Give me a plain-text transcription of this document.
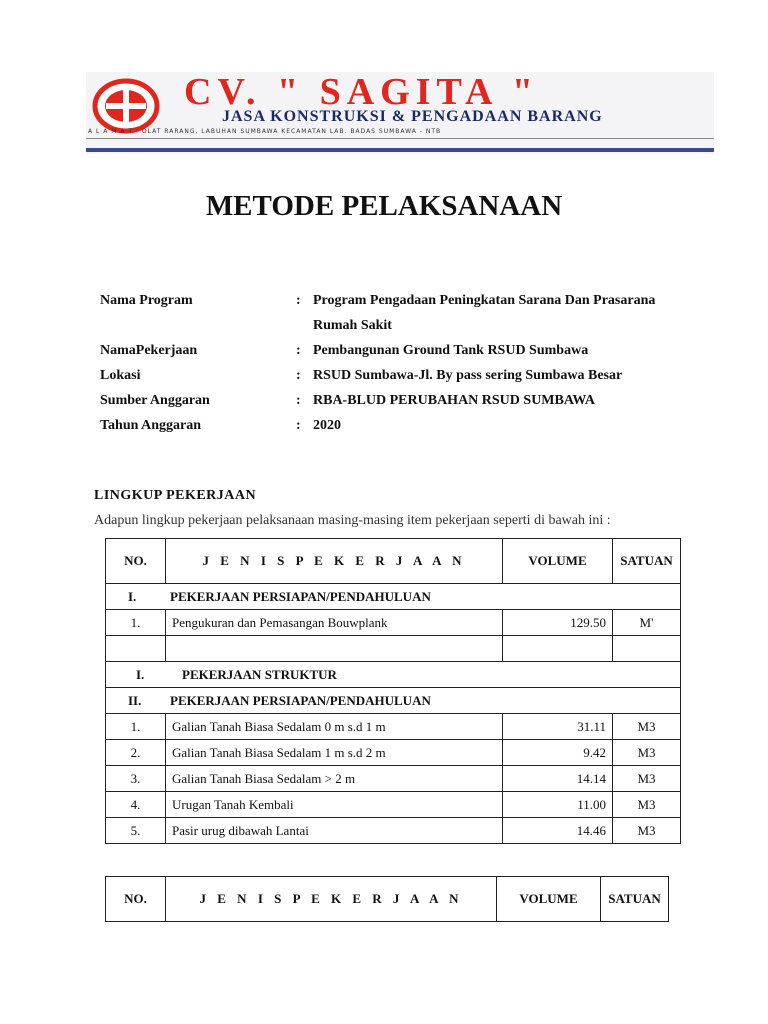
CV. " SAGITA "
JASA KONSTRUKSI & PENGADAAN BARANG
A L A M A T : OLAT RARANG, LABUHAN SUMBAWA KECAMATAN LAB. BADAS SUMBAWA - NTB
METODE PELAKSANAAN
Nama Program	: Program Pengadaan Peningkatan Sarana Dan Prasarana Rumah Sakit
NamaPekerjaan	: Pembangunan Ground Tank RSUD Sumbawa
Lokasi	: RSUD Sumbawa-Jl. By pass sering Sumbawa Besar
Sumber Anggaran	: RBA-BLUD PERUBAHAN RSUD SUMBAWA
Tahun Anggaran	: 2020
LINGKUP PEKERJAAN
Adapun lingkup pekerjaan pelaksanaan masing-masing item pekerjaan seperti di bawah ini :
NO.	J E N I S P E K E R J A A N	VOLUME	SATUAN

I. PEKERJAAN PERSIAPAN/PENDAHULUAN			

1.	Pengukuran dan Pemasangan Bouwplank	129.50	M'

I. PEKERJAAN STRUKTUR			

II. PEKERJAAN PERSIAPAN/PENDAHULUAN			

1.	Galian Tanah Biasa Sedalam 0 m s.d 1 m	31.11	M3
2.	Galian Tanah Biasa Sedalam 1 m s.d 2 m	9.42	M3
3.	Galian Tanah Biasa Sedalam > 2 m	14.14	M3
4.	Urugan Tanah Kembali	11.00	M3
5.	Pasir urug dibawah Lantai	14.46	M3
NO.	J E N I S P E K E R J A A N	VOLUME	SATUAN
